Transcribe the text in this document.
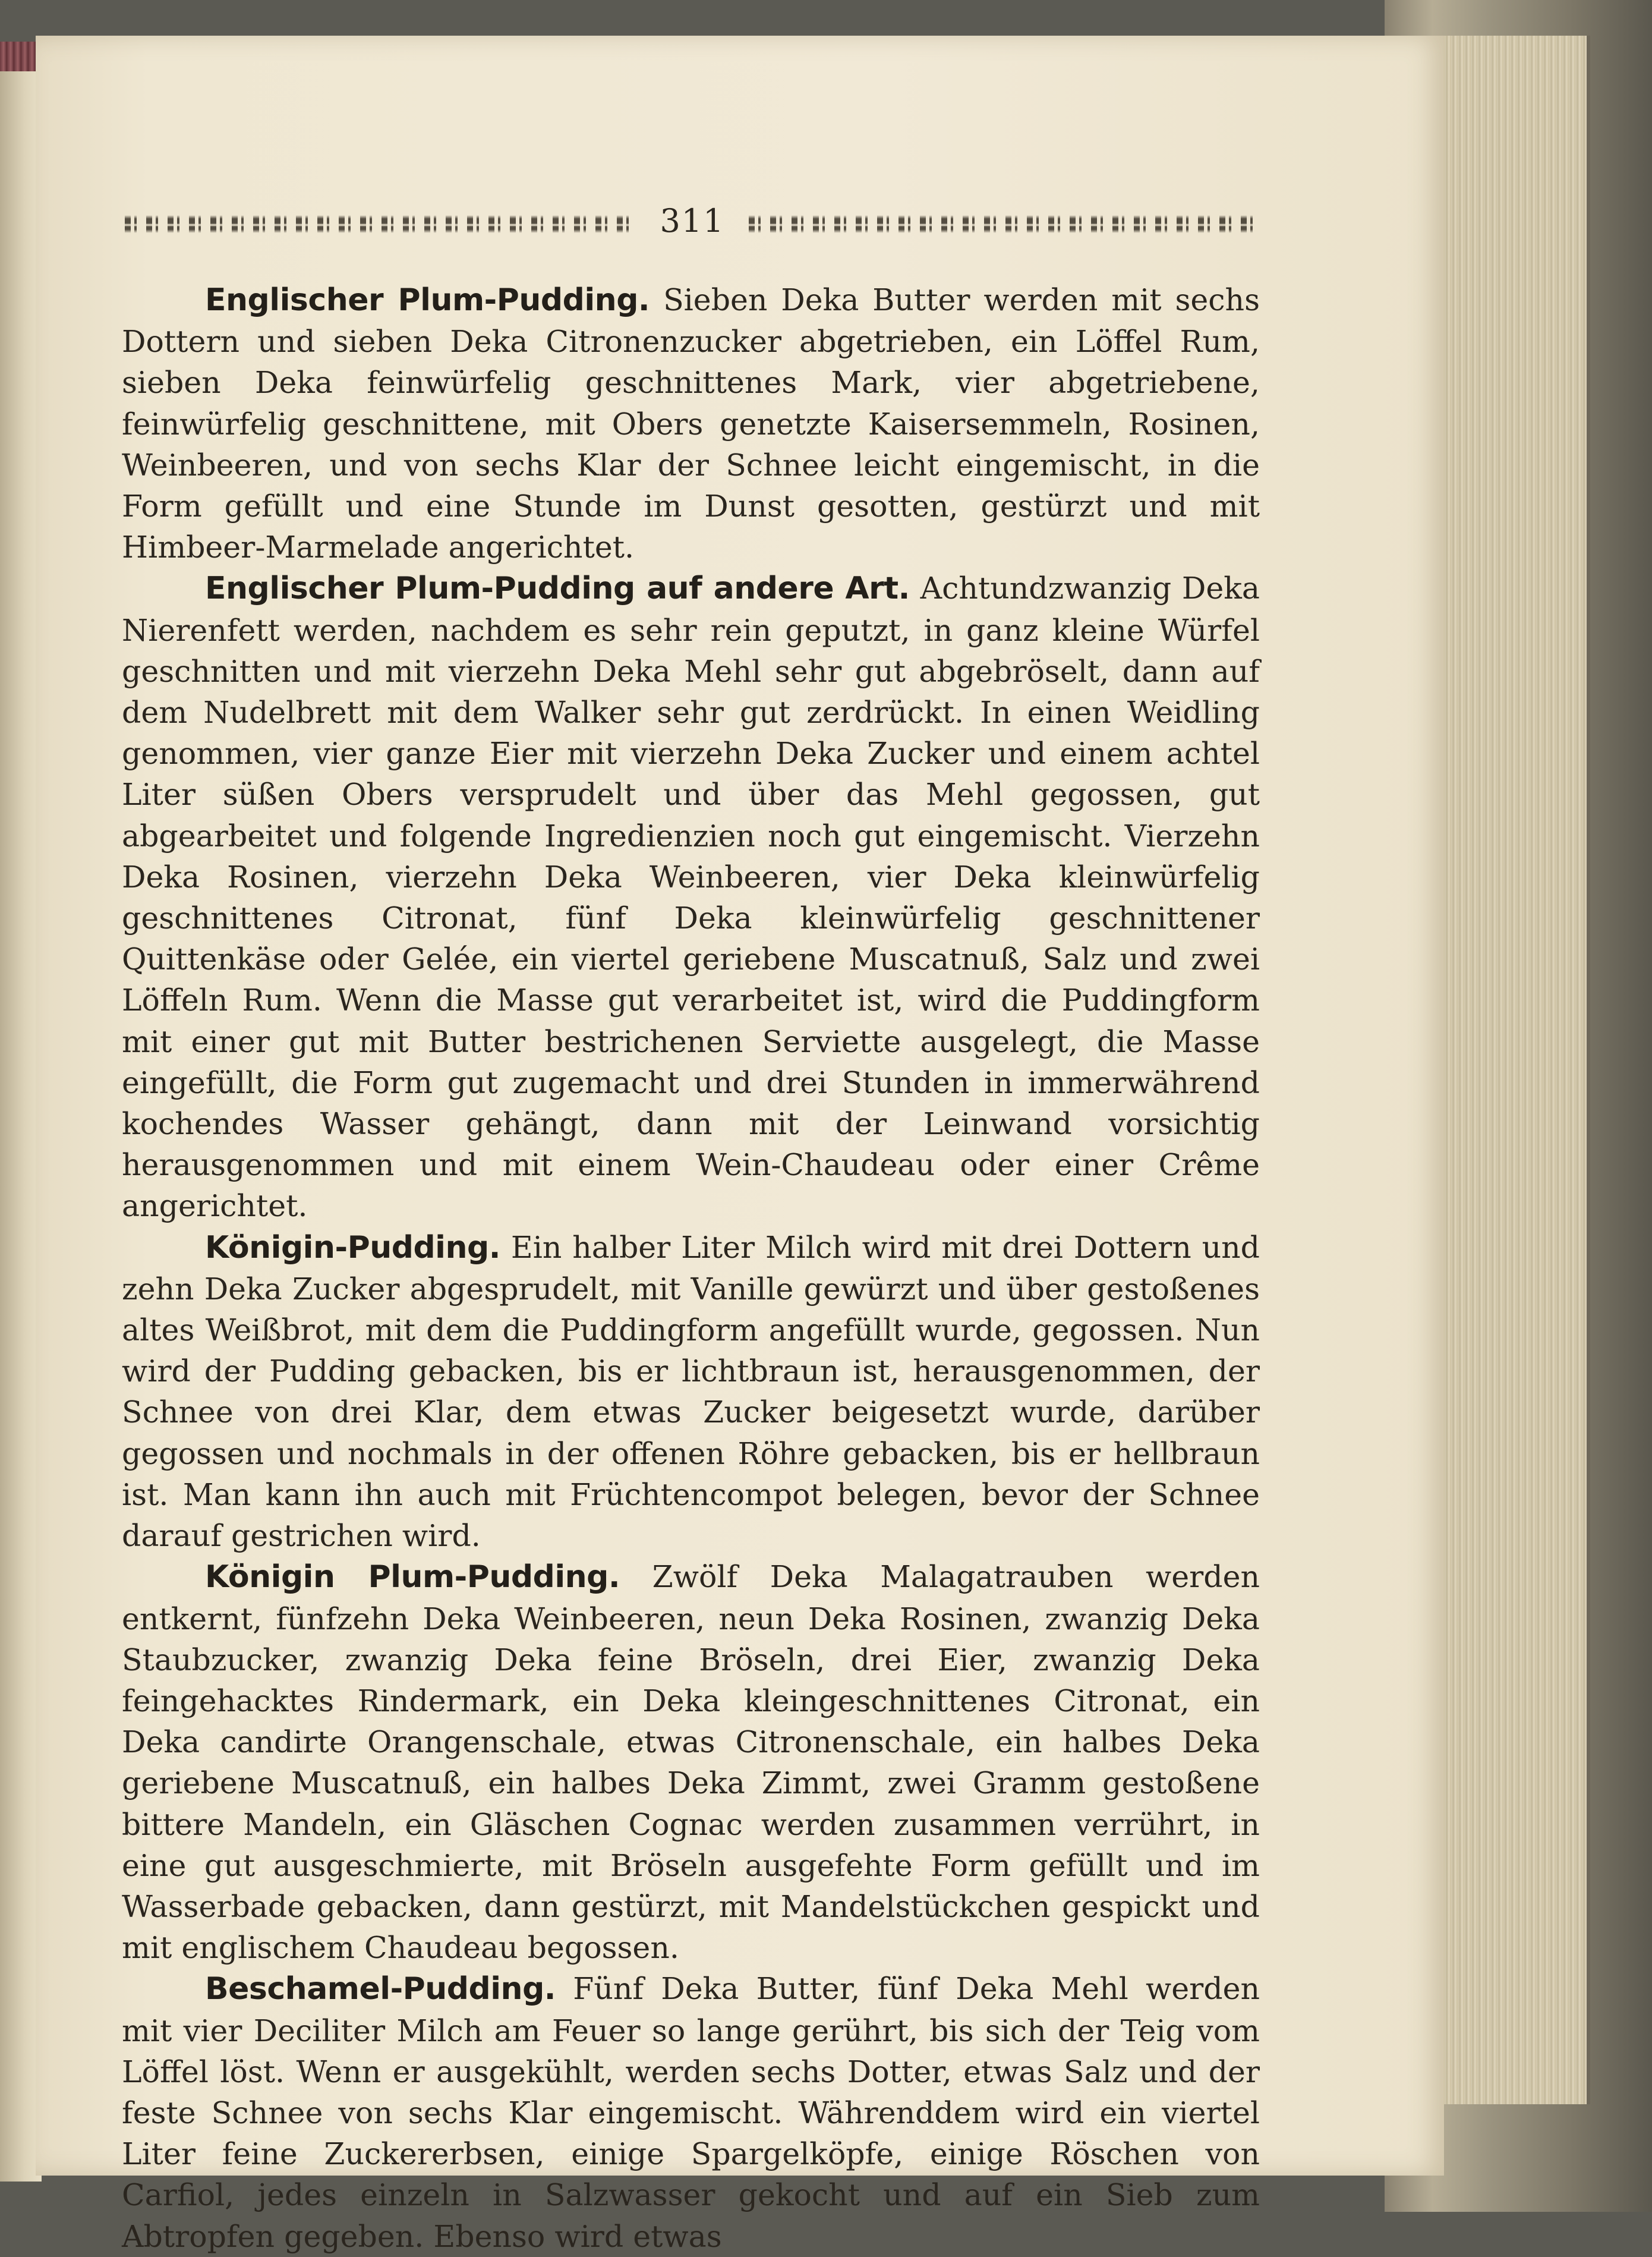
311

Englischer Plum-Pudding. Sieben Deka Butter werden mit sechs Dottern und sieben Deka Citronenzucker abgetrieben, ein Löffel Rum, sieben Deka feinwürfelig geschnittenes Mark, vier abgetriebene, feinwürfelig geschnittene, mit Obers genetzte Kaisersemmeln, Rosinen, Weinbeeren, und von sechs Klar der Schnee leicht eingemischt, in die Form gefüllt und eine Stunde im Dunst gesotten, gestürzt und mit Himbeer-Marmelade angerichtet.

Englischer Plum-Pudding auf andere Art. Achtundzwanzig Deka Nierenfett werden, nachdem es sehr rein geputzt, in ganz kleine Würfel geschnitten und mit vierzehn Deka Mehl sehr gut abgebröselt, dann auf dem Nudelbrett mit dem Walker sehr gut zerdrückt. In einen Weidling genommen, vier ganze Eier mit vierzehn Deka Zucker und einem achtel Liter süßen Obers versprudelt und über das Mehl gegossen, gut abgearbeitet und folgende Ingredienzien noch gut eingemischt. Vierzehn Deka Rosinen, vierzehn Deka Weinbeeren, vier Deka kleinwürfelig geschnittenes Citronat, fünf Deka kleinwürfelig geschnittener Quittenkäse oder Gelée, ein viertel geriebene Muscatnuß, Salz und zwei Löffeln Rum. Wenn die Masse gut verarbeitet ist, wird die Puddingform mit einer gut mit Butter bestrichenen Serviette ausgelegt, die Masse eingefüllt, die Form gut zugemacht und drei Stunden in immerwährend kochendes Wasser gehängt, dann mit der Leinwand vorsichtig herausgenommen und mit einem Wein-Chaudeau oder einer Crême angerichtet.

Königin-Pudding. Ein halber Liter Milch wird mit drei Dottern und zehn Deka Zucker abgesprudelt, mit Vanille gewürzt und über gestoßenes altes Weißbrot, mit dem die Puddingform angefüllt wurde, gegossen. Nun wird der Pudding gebacken, bis er lichtbraun ist, herausgenommen, der Schnee von drei Klar, dem etwas Zucker beigesetzt wurde, darüber gegossen und nochmals in der offenen Röhre gebacken, bis er hellbraun ist. Man kann ihn auch mit Früchtencompot belegen, bevor der Schnee darauf gestrichen wird.

Königin Plum-Pudding. Zwölf Deka Malagatrauben werden entkernt, fünfzehn Deka Weinbeeren, neun Deka Rosinen, zwanzig Deka Staubzucker, zwanzig Deka feine Bröseln, drei Eier, zwanzig Deka feingehacktes Rindermark, ein Deka kleingeschnittenes Citronat, ein Deka candirte Orangenschale, etwas Citronenschale, ein halbes Deka geriebene Muscatnuß, ein halbes Deka Zimmt, zwei Gramm gestoßene bittere Mandeln, ein Gläschen Cognac werden zusammen verrührt, in eine gut ausgeschmierte, mit Bröseln ausgefehte Form gefüllt und im Wasserbade gebacken, dann gestürzt, mit Mandelstückchen gespickt und mit englischem Chaudeau begossen.

Beschamel-Pudding. Fünf Deka Butter, fünf Deka Mehl werden mit vier Deciliter Milch am Feuer so lange gerührt, bis sich der Teig vom Löffel löst. Wenn er ausgekühlt, werden sechs Dotter, etwas Salz und der feste Schnee von sechs Klar eingemischt. Währenddem wird ein viertel Liter feine Zuckererbsen, einige Spargelköpfe, einige Röschen von Carfiol, jedes einzeln in Salzwasser gekocht und auf ein Sieb zum Abtropfen gegeben. Ebenso wird etwas
